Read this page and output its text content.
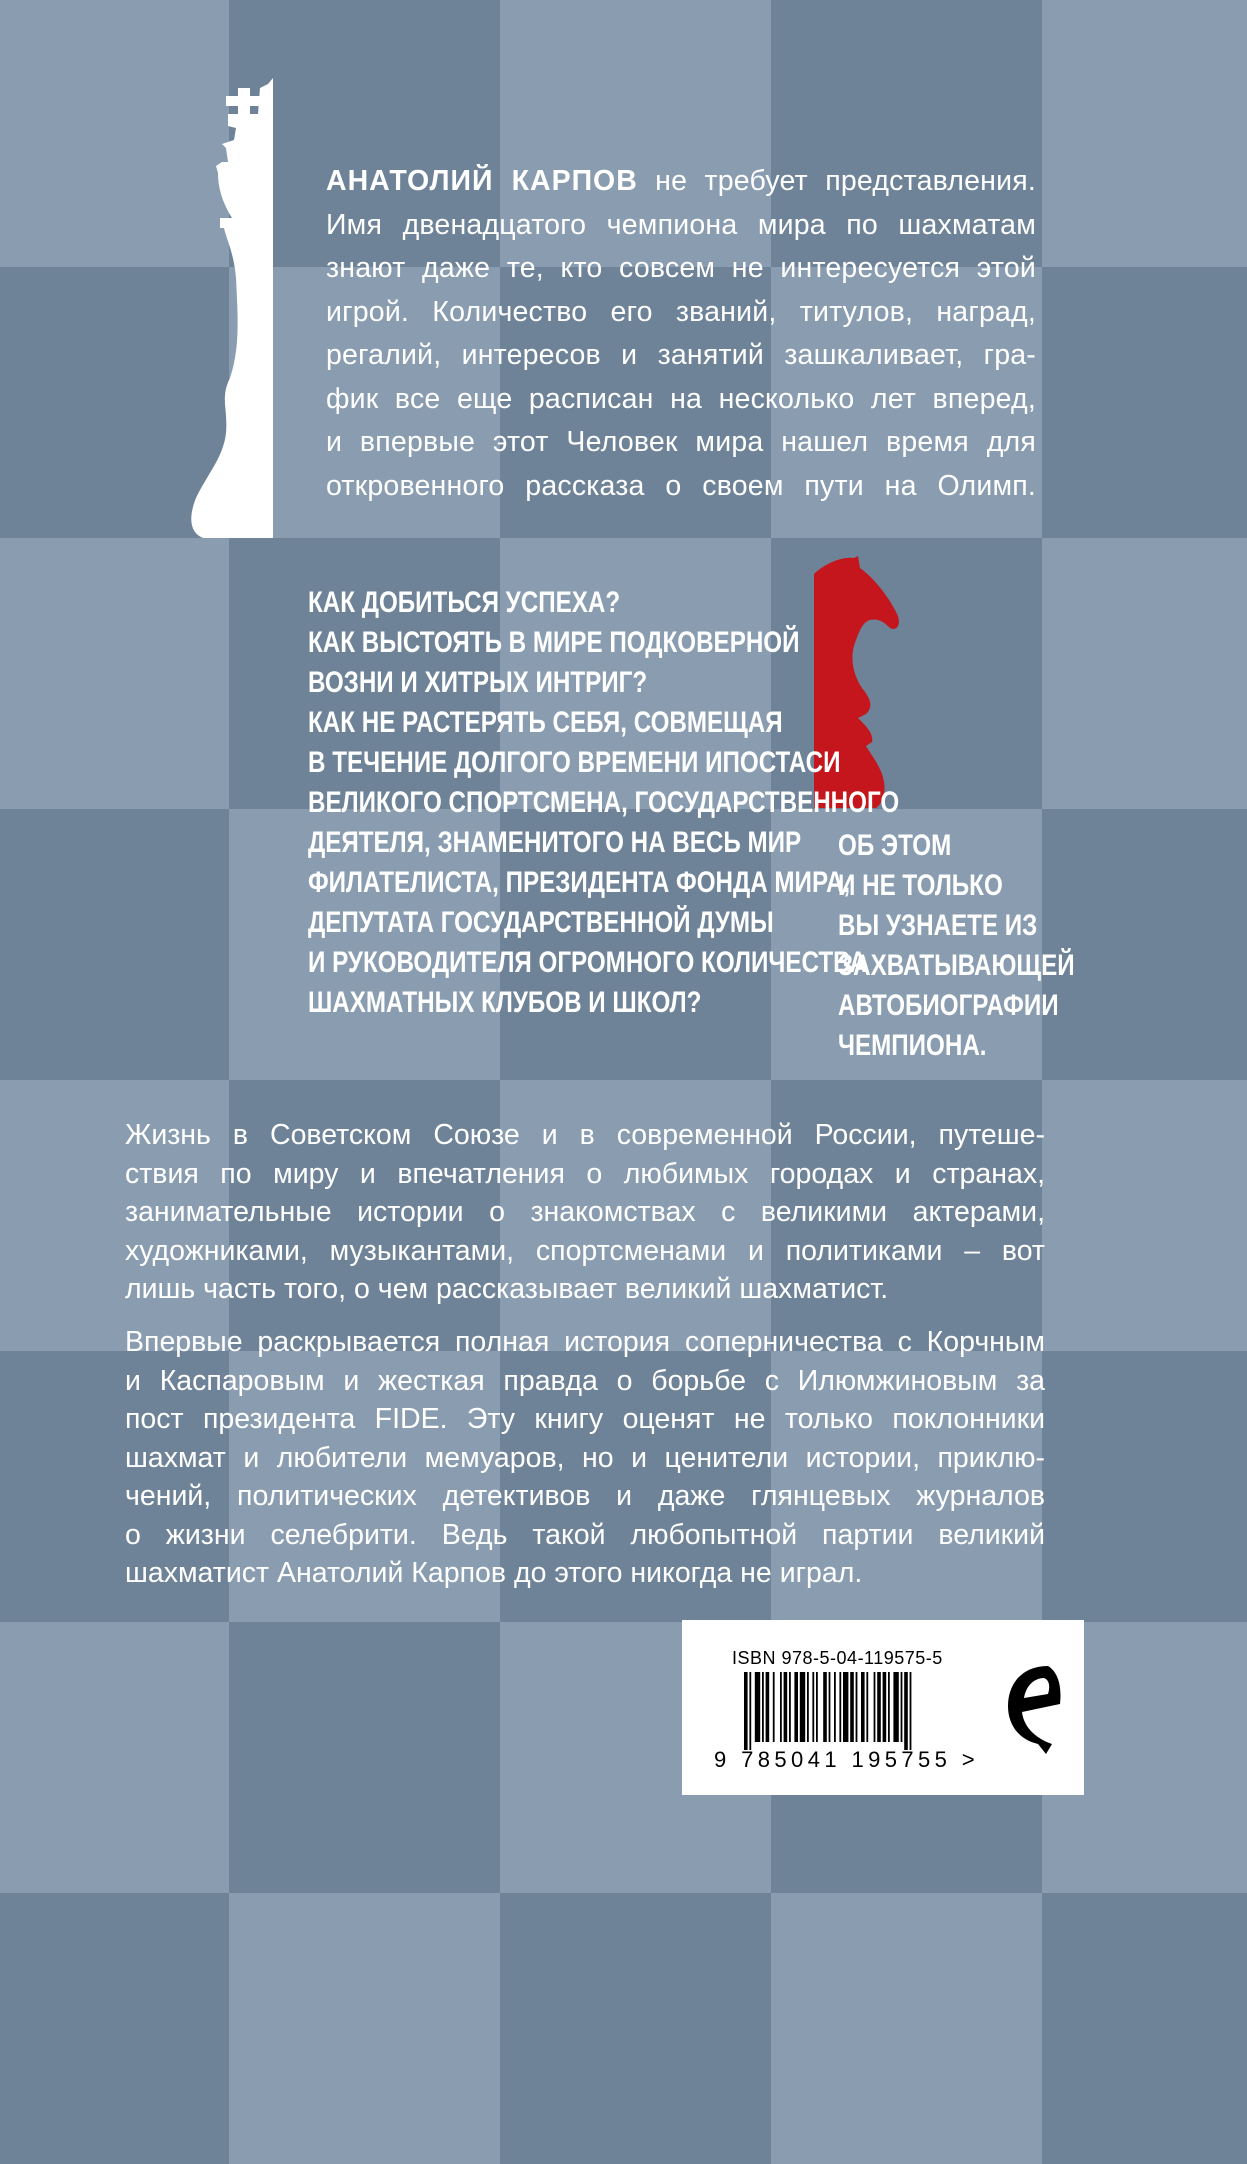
АНАТОЛИЙ КАРПОВ не требует представления.
Имя двенадцатого чемпиона мира по шахматам
знают даже те, кто совсем не интересуется этой
игрой. Количество его званий, титулов, наград,
регалий, интересов и занятий зашкаливает, гра-
фик все еще расписан на несколько лет вперед,
и впервые этот Человек мира нашел время для
откровенного рассказа о своем пути на Олимп.
КАК ДОБИТЬСЯ УСПЕХА?
КАК ВЫСТОЯТЬ В МИРЕ ПОДКОВЕРНОЙ
ВОЗНИ И ХИТРЫХ ИНТРИГ?
КАК НЕ РАСТЕРЯТЬ СЕБЯ, СОВМЕЩАЯ
В ТЕЧЕНИЕ ДОЛГОГО ВРЕМЕНИ ИПОСТАСИ
ВЕЛИКОГО СПОРТСМЕНА, ГОСУДАРСТВЕННОГО
ДЕЯТЕЛЯ, ЗНАМЕНИТОГО НА ВЕСЬ МИР
ФИЛАТЕЛИСТА, ПРЕЗИДЕНТА ФОНДА МИРА,
ДЕПУТАТА ГОСУДАРСТВЕННОЙ ДУМЫ
И РУКОВОДИТЕЛЯ ОГРОМНОГО КОЛИЧЕСТВА
ШАХМАТНЫХ КЛУБОВ И ШКОЛ?
ОБ ЭТОМ
И НЕ ТОЛЬКО
ВЫ УЗНАЕТЕ ИЗ
ЗАХВАТЫВАЮЩЕЙ
АВТОБИОГРАФИИ
ЧЕМПИОНА.
Жизнь в Советском Союзе и в современной России, путеше-
ствия по миру и впечатления о любимых городах и странах,
занимательные истории о знакомствах с великими актерами,
художниками, музыкантами, спортсменами и политиками – вот
лишь часть того, о чем рассказывает великий шахматист.
Впервые раскрывается полная история соперничества с Корчным
и Каспаровым и жесткая правда о борьбе с Илюмжиновым за
пост президента FIDE. Эту книгу оценят не только поклонники
шахмат и любители мемуаров, но и ценители истории, приклю-
чений, политических детективов и даже глянцевых журналов
о жизни селебрити. Ведь такой любопытной партии великий
шахматист Анатолий Карпов до этого никогда не играл.
ISBN 978-5-04-119575-5
9 785041 195755 >
